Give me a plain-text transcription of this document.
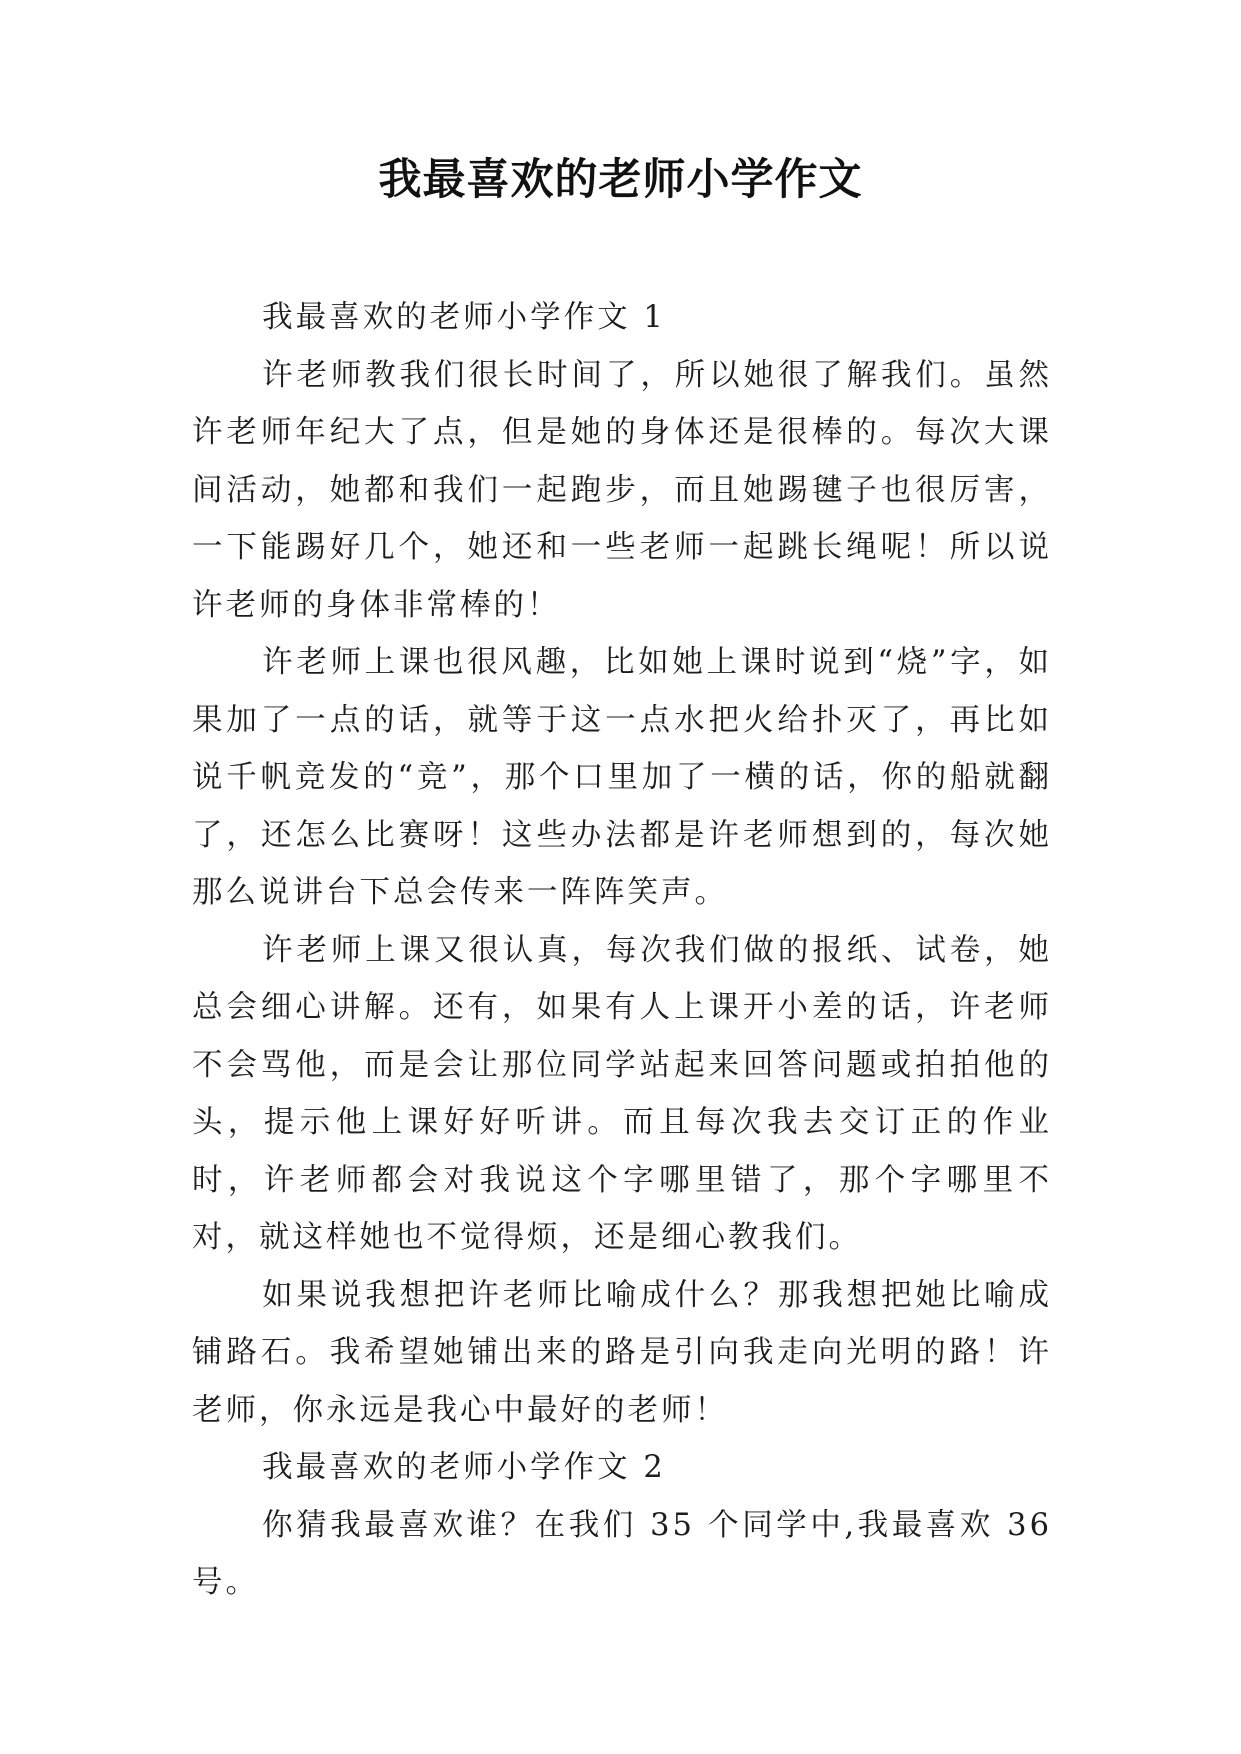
我最喜欢的老师小学作文

我最喜欢的老师小学作文 1

许老师教我们很长时间了，所以她很了解我们。虽然许老师年纪大了点，但是她的身体还是很棒的。每次大课间活动，她都和我们一起跑步，而且她踢毽子也很厉害，一下能踢好几个，她还和一些老师一起跳长绳呢！所以说许老师的身体非常棒的！

许老师上课也很风趣，比如她上课时说到“烧”字，如果加了一点的话，就等于这一点水把火给扑灭了，再比如说千帆竞发的“竞”，那个口里加了一横的话，你的船就翻了，还怎么比赛呀！这些办法都是许老师想到的，每次她那么说讲台下总会传来一阵阵笑声。

许老师上课又很认真，每次我们做的报纸、试卷，她总会细心讲解。还有，如果有人上课开小差的话，许老师不会骂他，而是会让那位同学站起来回答问题或拍拍他的头，提示他上课好好听讲。而且每次我去交订正的作业时，许老师都会对我说这个字哪里错了，那个字哪里不对，就这样她也不觉得烦，还是细心教我们。

如果说我想把许老师比喻成什么？那我想把她比喻成铺路石。我希望她铺出来的路是引向我走向光明的路！许老师，你永远是我心中最好的老师！

我最喜欢的老师小学作文 2

你猜我最喜欢谁？在我们 35 个同学中,我最喜欢 36 号。
